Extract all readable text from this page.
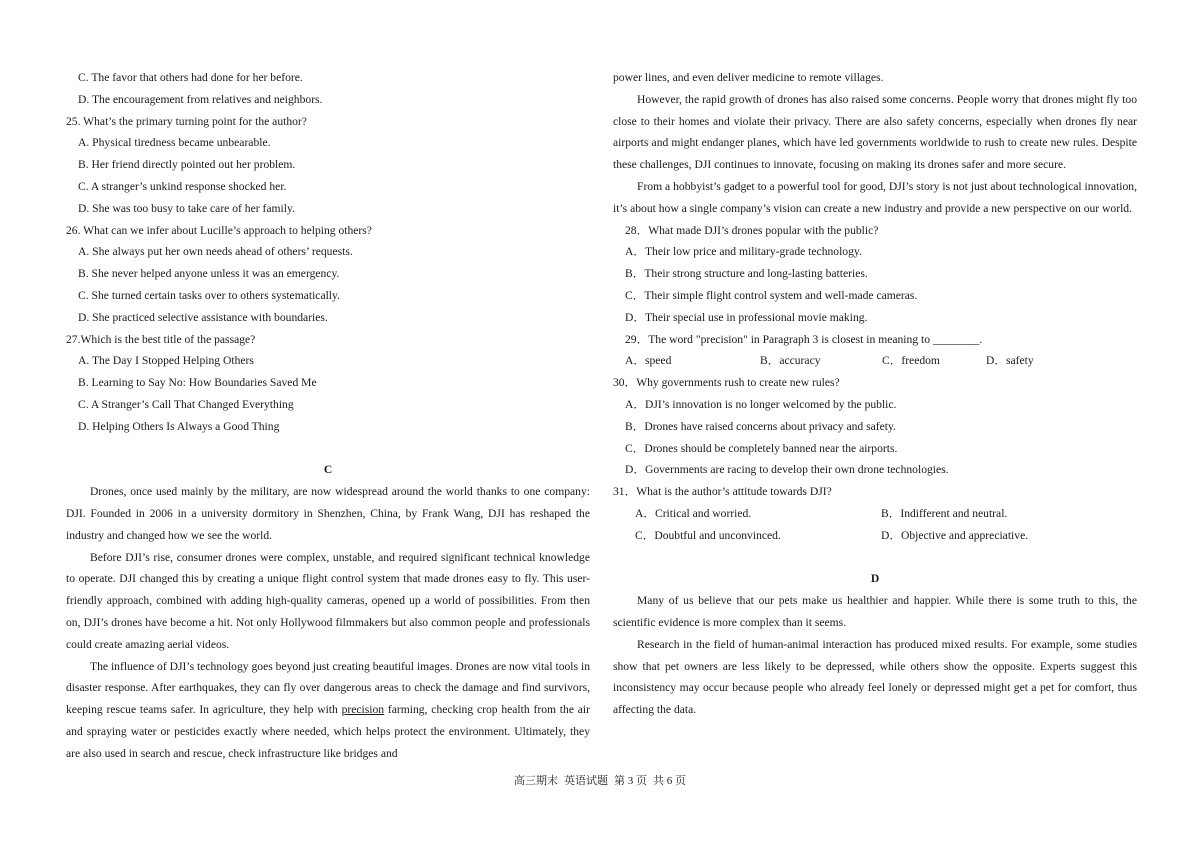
C. The favor that others had done for her before.
D. The encouragement from relatives and neighbors.
25. What’s the primary turning point for the author?
A. Physical tiredness became unbearable.
B. Her friend directly pointed out her problem.
C. A stranger’s unkind response shocked her.
D. She was too busy to take care of her family.
26. What can we infer about Lucille’s approach to helping others?
A. She always put her own needs ahead of others’ requests.
B. She never helped anyone unless it was an emergency.
C. She turned certain tasks over to others systematically.
D. She practiced selective assistance with boundaries.
27.Which is the best title of the passage?
A. The Day I Stopped Helping Others
B. Learning to Say No: How Boundaries Saved Me
C. A Stranger’s Call That Changed Everything
D. Helping Others Is Always a Good Thing
C

Drones, once used mainly by the military, are now widespread around the world thanks to one company: DJI. Founded in 2006 in a university dormitory in Shenzhen, China, by Frank Wang, DJI has reshaped the industry and changed how we see the world.

Before DJI’s rise, consumer drones were complex, unstable, and required significant technical knowledge to operate. DJI changed this by creating a unique flight control system that made drones easy to fly. This user-friendly approach, combined with adding high-quality cameras, opened up a world of possibilities. From then on, DJI’s drones have become a hit. Not only Hollywood filmmakers but also common people and professionals could create amazing aerial videos.

The influence of DJI’s technology goes beyond just creating beautiful images. Drones are now vital tools in disaster response. After earthquakes, they can fly over dangerous areas to check the damage and find survivors, keeping rescue teams safer. In agriculture, they help with precision farming, checking crop health from the air and spraying water or pesticides exactly where needed, which helps protect the environment. Ultimately, they are also used in search and rescue, check infrastructure like bridges and

power lines, and even deliver medicine to remote villages.

However, the rapid growth of drones has also raised some concerns. People worry that drones might fly too close to their homes and violate their privacy. There are also safety concerns, especially when drones fly near airports and might endanger planes, which have led governments worldwide to rush to create new rules. Despite these challenges, DJI continues to innovate, focusing on making its drones safer and more secure.

From a hobbyist’s gadget to a powerful tool for good, DJI’s story is not just about technological innovation, it’s about how a single company’s vision can create a new industry and provide a new perspective on our world.

28．What made DJI’s drones popular with the public?
A．Their low price and military-grade technology.
B．Their strong structure and long-lasting batteries.
C．Their simple flight control system and well-made cameras.
D．Their special use in professional movie making.
29．The word "precision" in Paragraph 3 is closest in meaning to ________.
A．speed	B．accuracy	C．freedom	D．safety
30．Why governments rush to create new rules?
A．DJI’s innovation is no longer welcomed by the public.
B．Drones have raised concerns about privacy and safety.
C．Drones should be completely banned near the airports.
D．Governments are racing to develop their own drone technologies.
31．What is the author’s attitude towards DJI?
A．Critical and worried.	B．Indifferent and neutral.
C．Doubtful and unconvinced.	D．Objective and appreciative.
D

Many of us believe that our pets make us healthier and happier. While there is some truth to this, the scientific evidence is more complex than it seems.

Research in the field of human-animal interaction has produced mixed results. For example, some studies show that pet owners are less likely to be depressed, while others show the opposite. Experts suggest this inconsistency may occur because people who already feel lonely or depressed might get a pet for comfort, thus affecting the data.

高三期末 英语试题 第 3 页 共 6 页
